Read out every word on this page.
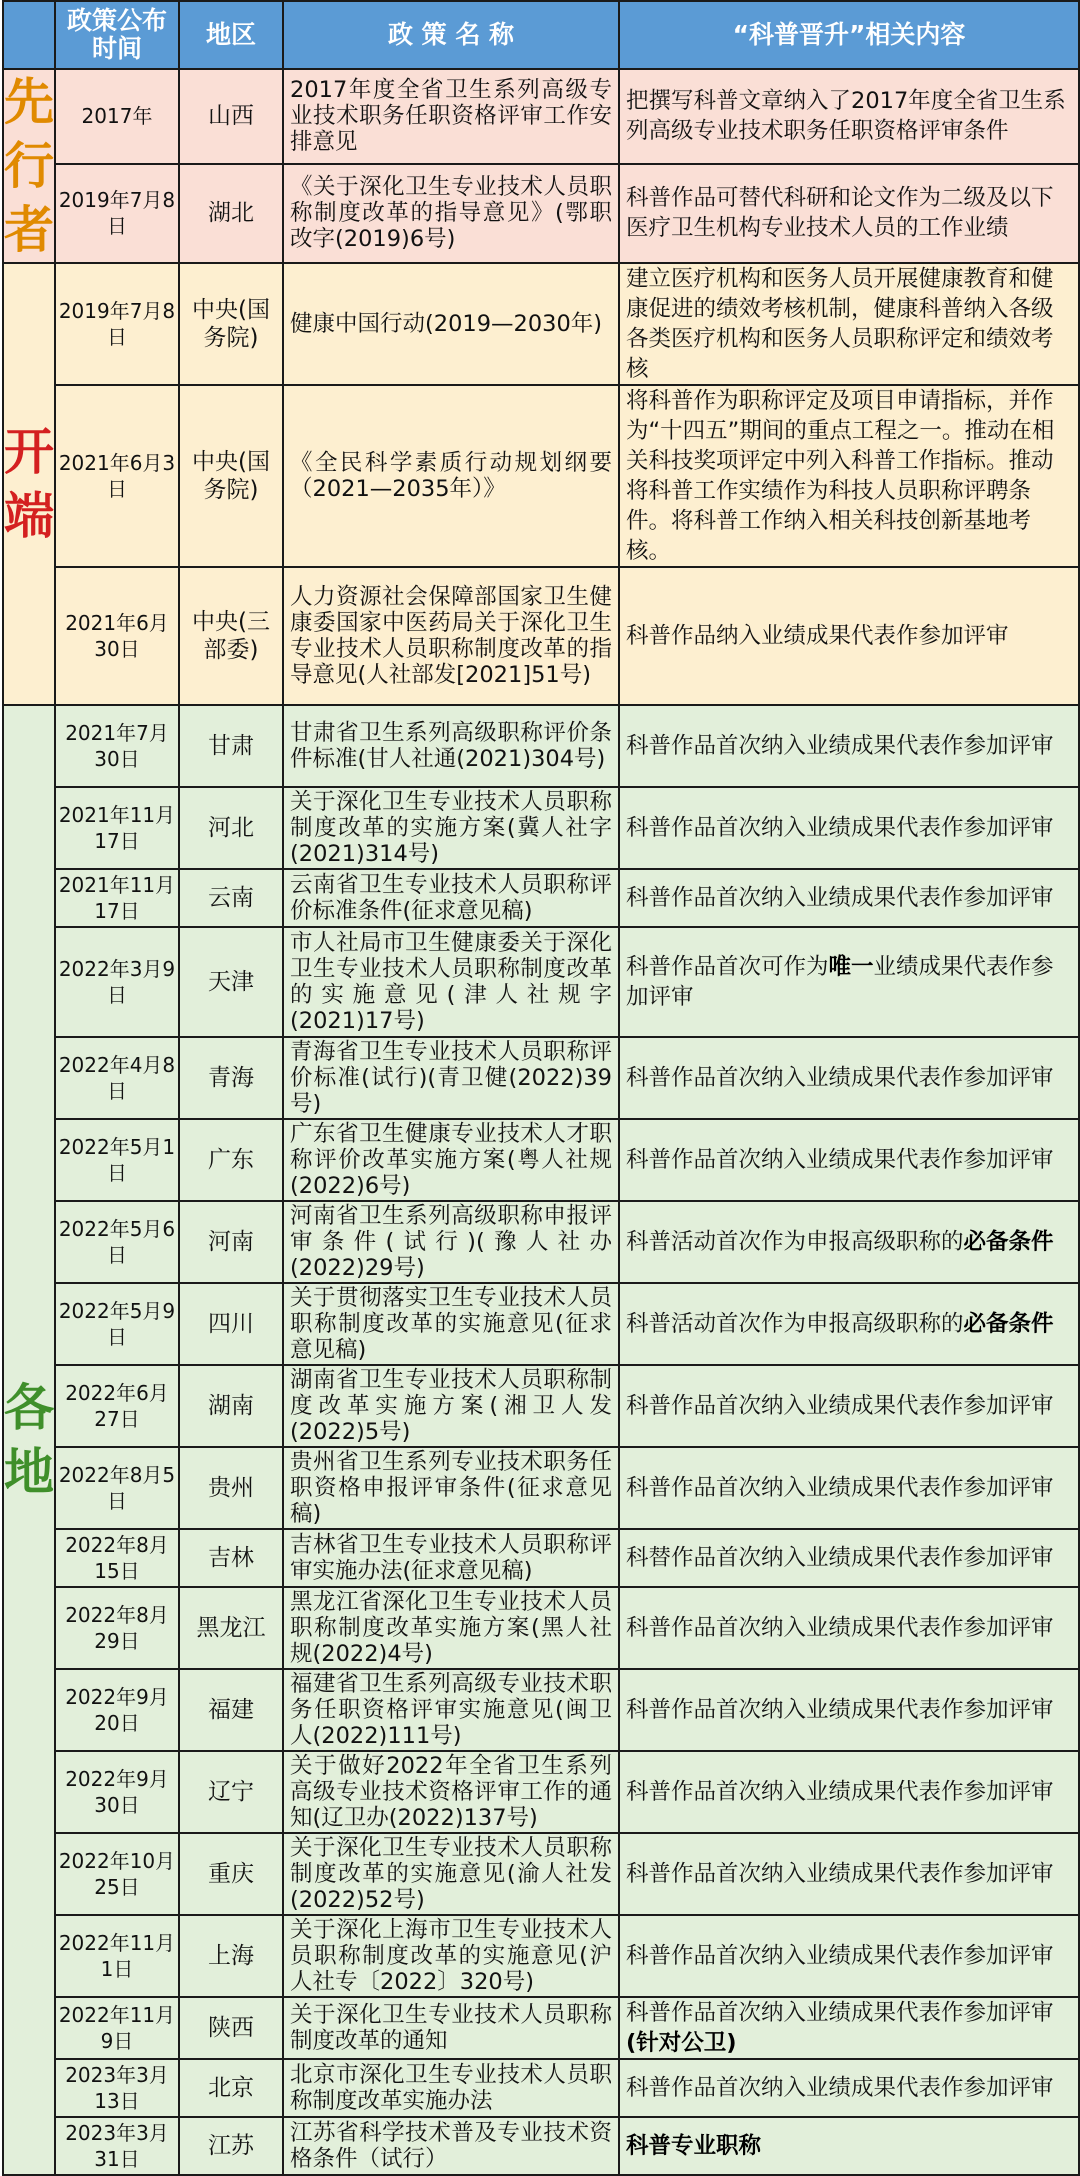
	政策公布时间	地区	政 策 名 称	“科普晋升”相关内容
先
行
者	2017年	山西	2017年度全省卫生系列高级专业技术职务任职资格评审工作安排意见	把撰写科普文章纳入了2017年度全省卫生系列高级专业技术职务任职资格评审条件
	2019年7月8日	湖北	《关于深化卫生专业技术人员职称制度改革的指导意见》(鄂职改字(2019)6号)	科普作品可替代科研和论文作为二级及以下医疗卫生机构专业技术人员的工作业绩
开
端	2019年7月8日	中央(国务院)	健康中国行动(2019—2030年)	建立医疗机构和医务人员开展健康教育和健康促进的绩效考核机制，健康科普纳入各级各类医疗机构和医务人员职称评定和绩效考核
	2021年6月3日	中央(国务院)	《全民科学素质行动规划纲要（2021—2035年）》	将科普作为职称评定及项目申请指标，并作为“十四五”期间的重点工程之一。推动在相关科技奖项评定中列入科普工作指标。推动将科普工作实绩作为科技人员职称评聘条件。将科普工作纳入相关科技创新基地考核。
	2021年6月30日	中央(三部委)	人力资源社会保障部国家卫生健康委国家中医药局关于深化卫生专业技术人员职称制度改革的指导意见(人社部发[2021]51号)	科普作品纳入业绩成果代表作参加评审
各
地	2021年7月30日	甘肃	甘肃省卫生系列高级职称评价条件标准(甘人社通(2021)304号)	科普作品首次纳入业绩成果代表作参加评审
	2021年11月17日	河北	关于深化卫生专业技术人员职称制度改革的实施方案(冀人社字(2021)314号)	科普作品首次纳入业绩成果代表作参加评审
	2021年11月17日	云南	云南省卫生专业技术人员职称评价标准条件(征求意见稿)	科普作品首次纳入业绩成果代表作参加评审
	2022年3月9日	天津	市人社局市卫生健康委关于深化卫生专业技术人员职称制度改革的实施意见(津人社规字(2021)17号)	科普作品首次可作为唯一业绩成果代表作参加评审
	2022年4月8日	青海	青海省卫生专业技术人员职称评价标准(试行)(青卫健(2022)39号)	科普作品首次纳入业绩成果代表作参加评审
	2022年5月1日	广东	广东省卫生健康专业技术人才职称评价改革实施方案(粤人社规(2022)6号)	科普作品首次纳入业绩成果代表作参加评审
	2022年5月6日	河南	河南省卫生系列高级职称申报评审条件(试行)(豫人社办(2022)29号)	科普活动首次作为申报高级职称的必备条件
	2022年5月9日	四川	关于贯彻落实卫生专业技术人员职称制度改革的实施意见(征求意见稿)	科普活动首次作为申报高级职称的必备条件
	2022年6月27日	湖南	湖南省卫生专业技术人员职称制度改革实施方案(湘卫人发(2022)5号)	科普作品首次纳入业绩成果代表作参加评审
	2022年8月5日	贵州	贵州省卫生系列专业技术职务任职资格申报评审条件(征求意见稿)	科普作品首次纳入业绩成果代表作参加评审
	2022年8月15日	吉林	吉林省卫生专业技术人员职称评审实施办法(征求意见稿)	科替作品首次纳入业绩成果代表作参加评审
	2022年8月29日	黑龙江	黑龙江省深化卫生专业技术人员职称制度改革实施方案(黑人社规(2022)4号)	科普作品首次纳入业绩成果代表作参加评审
	2022年9月20日	福建	福建省卫生系列高级专业技术职务任职资格评审实施意见(闽卫人(2022)111号)	科普作品首次纳入业绩成果代表作参加评审
	2022年9月30日	辽宁	关于做好2022年全省卫生系列高级专业技术资格评审工作的通知(辽卫办(2022)137号)	科普作品首次纳入业绩成果代表作参加评审
	2022年10月25日	重庆	关于深化卫生专业技术人员职称制度改革的实施意见(渝人社发(2022)52号)	科普作品首次纳入业绩成果代表作参加评审
	2022年11月1日	上海	关于深化上海市卫生专业技术人员职称制度改革的实施意见(沪人社专〔2022〕320号)	科普作品首次纳入业绩成果代表作参加评审
	2022年11月9日	陕西	关于深化卫生专业技术人员职称制度改革的通知	科普作品首次纳入业绩成果代表作参加评审(针对公卫)
	2023年3月13日	北京	北京市深化卫生专业技术人员职称制度改革实施办法	科普作品首次纳入业绩成果代表作参加评审
	2023年3月31日	江苏	江苏省科学技术普及专业技术资格条件（试行）	科普专业职称
